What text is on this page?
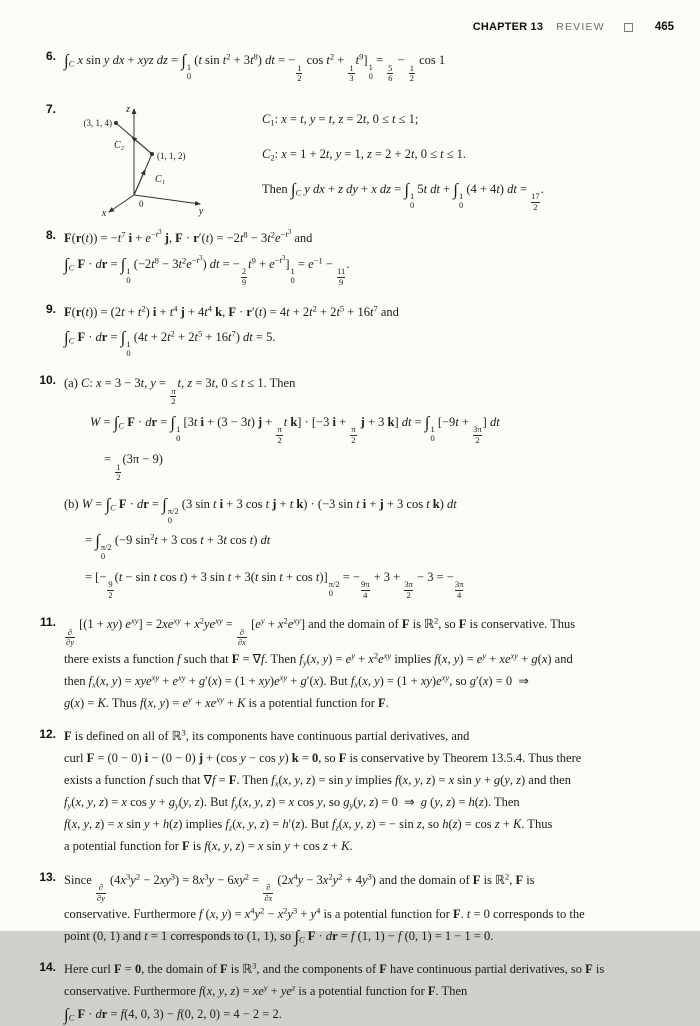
CHAPTER 13 REVIEW	465
6. $\int_C$ x sin y dx + xyz dz = ∫ 1
0
(t $\sin t^2 + 3t^8$) dt = −
$\frac{1}{2}$
$\cos t^2$ +
$\frac{1}{3}$
$t^9$] 1
0
=
$\frac{5}{6}$
−
$\frac{1}{2}$
cos 1
7.	z
y
x
0
(1, 1, 2)
(3, 1, 4)
C₁
C₂
$C_1$: x = t, y = t, z = 2t, 0 ≤ t ≤ 1;
$C_2$: x = 1 + 2t, y = 1, z = 2 + 2t, 0 ≤ t ≤ 1.
Then $\int_C$ y dx + z dy + x dz = ∫ 1
0
5t dt + ∫ 1
0
(4 + 4t) dt =
$\frac{17}{2}$
.
8. $F(r(t)) = -t^7$ $i + e^{-t^3}$ j, $F \cdot r'(t) = -2t^8 - 3t^2e^{-t^3}$ and
$\int_C$ F · dr = ∫ 1
0
$(-2t^8 - 3t^2e^{-t^3})$ dt = −
$\frac{2}{9}$
$t^9 + e^{-t^3}$] 1
0
= $e^{-1}$ −
$\frac{11}{9}$
.
9. $F(r(t)) = (2t + t^2)$ $i + t^4$ $j + 4t^4$ k, $F \cdot r'(t) = 4t + 2t^2 + 2t^5 + 16t^7$ and
$\int_C$ F · dr = ∫ 1
0
$(4t + 2t^2 + 2t^5 + 16t^7)$ dt = 5.
10. (a) C: x = 3 − 3t, y =
$\frac{\pi}{2}$
t, z = 3t, 0 ≤ t ≤ 1. Then
$W = \int_C$ F · dr = ∫ 1
0
[3t i + (3 − 3t) j +
$\frac{\pi}{2}$
t k] · [−3 i +
$\frac{\pi}{2}$
j + 3 k] dt = ∫ 1
0
[−9t +
$\frac{3\pi}{2}$
] dt
=
$\frac{1}{2}$
(3π − 9)
(b) $W = \int_C$ F · dr = ∫ π/2
0
(3 sin t i + 3 cos t j + t k) · (−3 sin t i + j + 3 cos t k) dt
= ∫ π/2
0
(−9 $\sin^2t + 3$ cos t + 3t cos t) dt
= [−
$\frac{9}{2}$
(t − sin t cos t) + 3 sin t + 3(t sin t + cos t)] π/2
0
= −
$\frac{9\pi}{4}$
+ 3 +
$\frac{3\pi}{2}$
− 3 = −
$\frac{3\pi}{4}$
11.
∂
∂y
[(1 + xy) $e^{xy}] = 2xe^{xy} + x^2ye^{xy}$ =
∂
∂x
$[e^y + x^2e^{xy}]$ and the domain of F is ℝ$^2$, so F is conservative. Thus
there exists a function f such that F = ∇f. Then $f_y(x$, $y) = e^y + x^2e^{xy}$ implies f(x, $y) = e^y + xe^{xy} + g(x)$ and
then $f_x(x$, $y) = xye^{xy} + e^{xy} + g'(x) = (1 + xy)e^{xy} + g'(x)$. But $f_x(x$, $y) = (1 + xy)e^{xy}$, so g′(x) = 0  ⇒
g(x) = K. Thus f(x, $y) = e^y + xe^{xy} + K$ is a potential function for F.
12. F is defined on all of ℝ$^3$, its components have continuous partial derivatives, and
curl F = (0 − 0) i − (0 − 0) j + (cos y − cos y) k = 0, so F is conservative by Theorem 13.5.4. Thus there
exists a function f such that ∇f = F. Then $f_x(x$, y, z) = sin y implies f(x, y, z) = x sin y + g(y, z) and then
$f_y(x$, y, z) = x $\cos y + g_y(y$, z). But $f_y(x$, y, z) = x cos y, so $g_y(y$, z) = 0  ⇒  g (y, z) = h(z). Then
f(x, y, z) = x sin y + h(z) implies $f_z(x$, y, z) = h′(z). But $f_z(x$, y, z) = − sin z, so h(z) = cos z + K. Thus
a potential function for F is f(x, y, z) = x sin y + cos z + K.
13. Since
∂
∂y
$(4x^3y^2 - 2xy^3) = 8x^3y - 6xy^2$ =
∂
∂x
$(2x^4y - 3x^2y^2 + 4y^3)$ and the domain of F is ℝ$^2$, F is
conservative. Furthermore f (x, $y) = x^4y^2 - x^2y^3 + y^4$ is a potential function for F. t = 0 corresponds to the
point (0, 1) and t = 1 corresponds to (1, 1), so $\int_C$ F · dr = f (1, 1) − f (0, 1) = 1 − 1 = 0.
14. Here curl F = 0, the domain of F is ℝ$^3$, and the components of F have continuous partial derivatives, so F is
conservative. Furthermore f(x, y, $z) = xe^y + ye^z$ is a potential function for F. Then
$\int_C$ F · dr = f(4, 0, 3) − f(0, 2, 0) = 4 − 2 = 2.
